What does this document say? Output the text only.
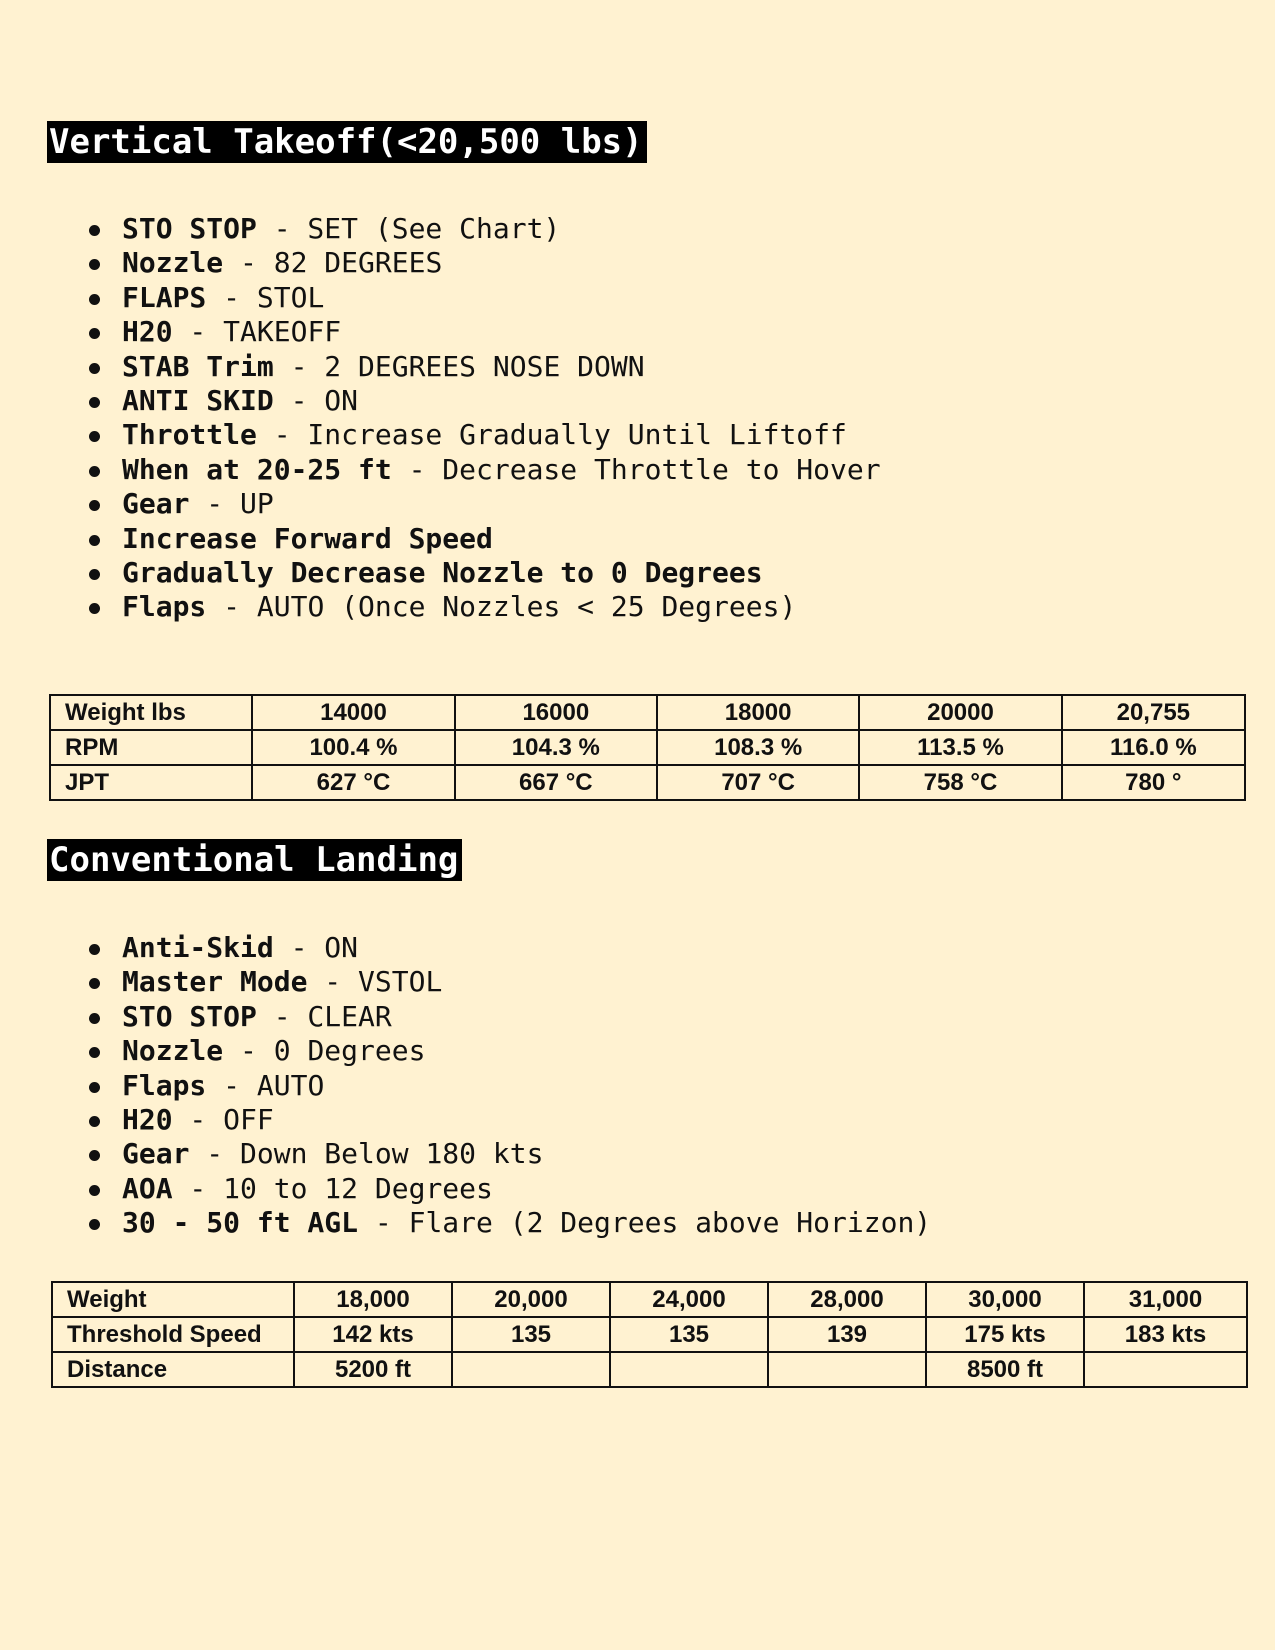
Vertical Takeoff(<20,500 lbs)
STO STOP - SET (See Chart)
Nozzle - 82 DEGREES
FLAPS - STOL
H20 - TAKEOFF
STAB Trim - 2 DEGREES NOSE DOWN
ANTI SKID - ON
Throttle - Increase Gradually Until Liftoff
When at 20-25 ft - Decrease Throttle to Hover
Gear - UP
Increase Forward Speed
Gradually Decrease Nozzle to 0 Degrees
Flaps - AUTO (Once Nozzles < 25 Degrees)
Weight lbs	14000	16000	18000	20000	20,755
RPM	100.4 %	104.3 %	108.3 %	113.5 %	116.0 %
JPT	627 °C	667 °C	707 °C	758 °C	780 °
Conventional Landing
Anti-Skid - ON
Master Mode - VSTOL
STO STOP - CLEAR
Nozzle - 0 Degrees
Flaps - AUTO
H20 - OFF
Gear - Down Below 180 kts
AOA - 10 to 12 Degrees
30 - 50 ft AGL - Flare (2 Degrees above Horizon)
Weight	18,000	20,000	24,000	28,000	30,000	31,000
Threshold Speed	142 kts	135	135	139	175 kts	183 kts
Distance	5200 ft				8500 ft	
